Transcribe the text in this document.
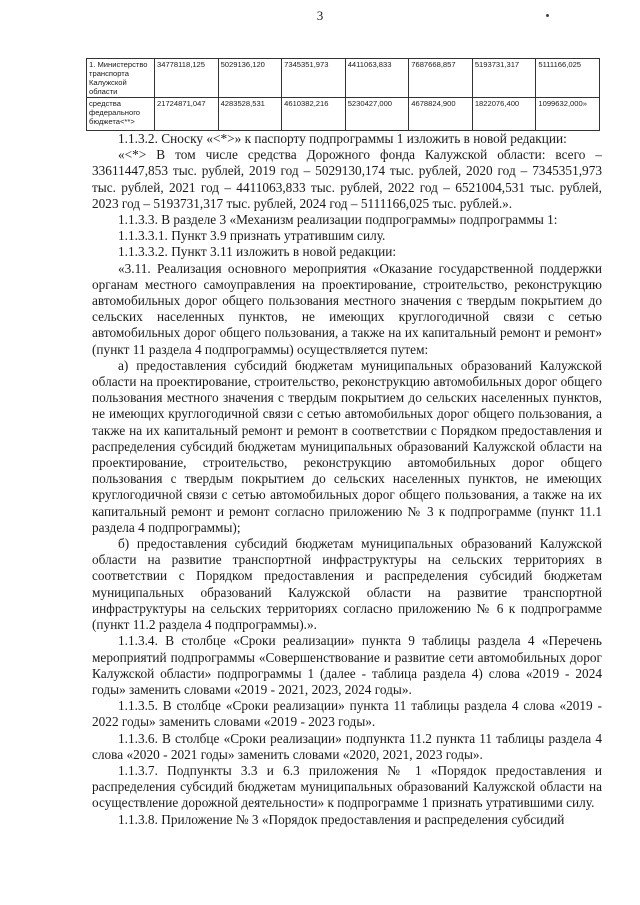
3
1. Министерство транспорта Калужской области	34778118,125	5029136,120	7345351,973	4411063,833	7687668,857	5193731,317	5111166,025
средства федерального бюджета<**>	21724871,047	4283528,531	4610382,216	5230427,000	4678824,900	1822076,400	1099632,000»

1.1.3.2. Сноску «<*>» к паспорту подпрограммы 1 изложить в новой редакции:

«<*> В том числе средства Дорожного фонда Калужской области: всего – 33611447,853 тыс. рублей, 2019 год – 5029130,174 тыс. рублей, 2020 год – 7345351,973 тыс. рублей, 2021 год – 4411063,833 тыс. рублей, 2022 год – 6521004,531 тыс. рублей, 2023 год – 5193731,317 тыс. рублей, 2024 год – 5111166,025 тыс. рублей.».

1.1.3.3. В разделе 3 «Механизм реализации подпрограммы» подпрограммы 1:

1.1.3.3.1. Пункт 3.9 признать утратившим силу.

1.1.3.3.2. Пункт 3.11 изложить в новой редакции:

«3.11. Реализация основного мероприятия «Оказание государственной поддержки органам местного самоуправления на проектирование, строительство, реконструкцию автомобильных дорог общего пользования местного значения с твердым покрытием до сельских населенных пунктов, не имеющих круглогодичной связи с сетью автомобильных дорог общего пользования, а также на их капитальный ремонт и ремонт» (пункт 11 раздела 4 подпрограммы) осуществляется путем:

а) предоставления субсидий бюджетам муниципальных образований Калужской области на проектирование, строительство, реконструкцию автомобильных дорог общего пользования местного значения с твердым покрытием до сельских населенных пунктов, не имеющих круглогодичной связи с сетью автомобильных дорог общего пользования, а также на их капитальный ремонт и ремонт в соответствии с Порядком предоставления и распределения субсидий бюджетам муниципальных образований Калужской области на проектирование, строительство, реконструкцию автомобильных дорог общего пользования с твердым покрытием до сельских населенных пунктов, не имеющих круглогодичной связи с сетью автомобильных дорог общего пользования, а также на их капитальный ремонт и ремонт согласно приложению № 3 к подпрограмме (пункт 11.1 раздела 4 подпрограммы);

б) предоставления субсидий бюджетам муниципальных образований Калужской области на развитие транспортной инфраструктуры на сельских территориях в соответствии с Порядком предоставления и распределения субсидий бюджетам муниципальных образований Калужской области на развитие транспортной инфраструктуры на сельских территориях согласно приложению № 6 к подпрограмме (пункт 11.2 раздела 4 подпрограммы).».

1.1.3.4. В столбце «Сроки реализации» пункта 9 таблицы раздела 4 «Перечень мероприятий подпрограммы «Совершенствование и развитие сети автомобильных дорог Калужской области» подпрограммы 1 (далее - таблица раздела 4) слова «2019 - 2024 годы» заменить словами «2019 - 2021, 2023, 2024 годы».

1.1.3.5. В столбце «Сроки реализации» пункта 11 таблицы раздела 4 слова «2019 - 2022 годы» заменить словами «2019 - 2023 годы».

1.1.3.6. В столбце «Сроки реализации» подпункта 11.2 пункта 11 таблицы раздела 4 слова «2020 - 2021 годы» заменить словами «2020, 2021, 2023 годы».

1.1.3.7. Подпункты 3.3 и 6.3 приложения № 1 «Порядок предоставления и распределения субсидий бюджетам муниципальных образований Калужской области на осуществление дорожной деятельности» к подпрограмме 1 признать утратившими силу.

1.1.3.8. Приложение № 3 «Порядок предоставления и распределения субсидий
